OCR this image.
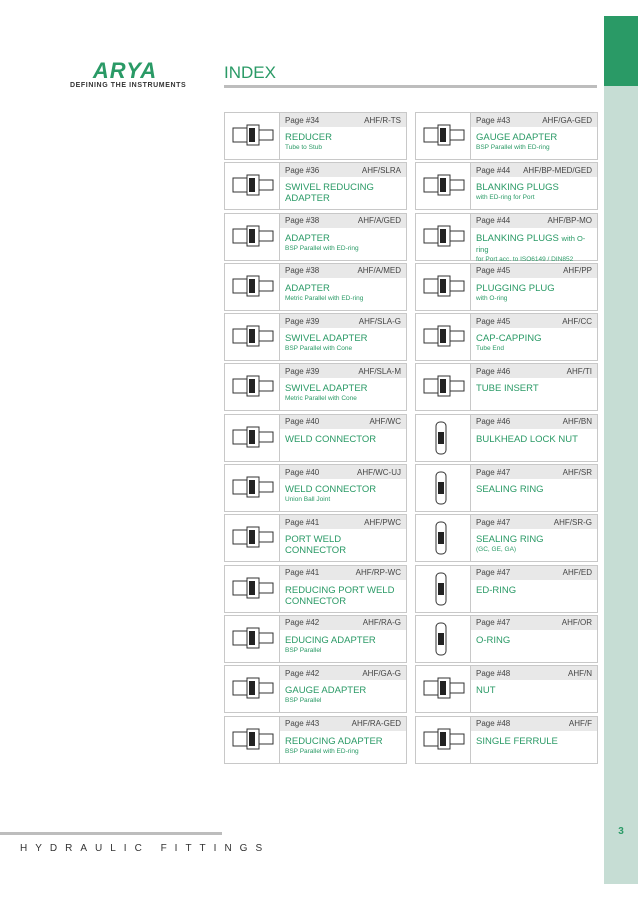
3
ARYA
DEFINING THE INSTRUMENTS
INDEX
Page #34	AHF/R-TS
REDUCER
Tube to Stub
Page #43	AHF/GA-GED
GAUGE ADAPTER
BSP Parallel with ED-ring
Page #36	AHF/SLRA
SWIVEL REDUCING ADAPTER
Page #44 AHF/BP-MED/GED
BLANKING PLUGS
with ED-ring for Port
Page #38	AHF/A/GED
ADAPTER
BSP Parallel with ED-ring
Page #44	AHF/BP-MO
BLANKING PLUGS with O-ring
for Port acc. to ISO6149 / DIN852
Page #38	AHF/A/MED
ADAPTER
Metric Parallel with ED-ring
Page #45	AHF/PP
PLUGGING PLUG
with O-ring
Page #39	AHF/SLA-G
SWIVEL ADAPTER
BSP Parallel with Cone
Page #45	AHF/CC
CAP-CAPPING
Tube End
Page #39	AHF/SLA-M
SWIVEL ADAPTER
Metric Parallel with Cone
Page #46	AHF/TI
TUBE INSERT
Page #40	AHF/WC
WELD CONNECTOR
Page #46	AHF/BN
BULKHEAD LOCK NUT
Page #40	AHF/WC-UJ
WELD CONNECTOR
Union Ball Joint
Page #47	AHF/SR
SEALING RING
Page #41	AHF/PWC
PORT WELD CONNECTOR
Page #47	AHF/SR-G
SEALING RING
(GC, GE, GA)
Page #41	AHF/RP-WC
REDUCING PORT WELD CONNECTOR
Page #47	AHF/ED
ED-RING
Page #42	AHF/RA-G
EDUCING ADAPTER
BSP Parallel
Page #47	AHF/OR
O-RING
Page #42	AHF/GA-G
GAUGE ADAPTER
BSP Parallel
Page #48	AHF/N
NUT
Page #43	AHF/RA-GED
REDUCING ADAPTER
BSP Parallel with ED-ring
Page #48	AHF/F
SINGLE FERRULE
HYDRAULIC FITTINGS
